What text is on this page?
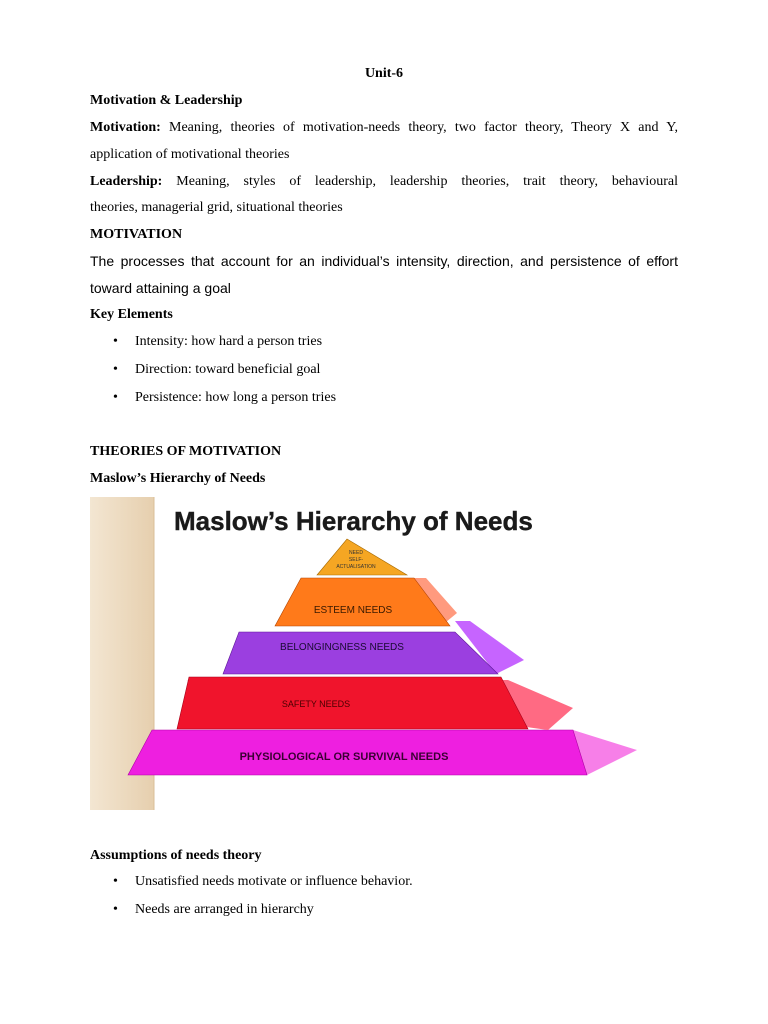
Unit-6
Motivation & Leadership
Motivation: Meaning, theories of motivation-needs theory, two factor theory, Theory X and Y,
application of motivational theories
Leadership: Meaning, styles of leadership, leadership theories, trait theory, behavioural
theories, managerial grid, situational theories
MOTIVATION
The processes that account for an individual’s intensity, direction, and persistence of effort
toward attaining a goal
Key Elements
• Intensity: how hard a person tries
• Direction: toward beneficial goal
• Persistence: how long a person tries
THEORIES OF MOTIVATION
Maslow’s Hierarchy of Needs
Maslow’s Hierarchy of Needs
NEED
SELF-
ACTUALISATION
ESTEEM NEEDS
BELONGINGNESS NEEDS
SAFETY NEEDS
PHYSIOLOGICAL OR SURVIVAL NEEDS
Assumptions of needs theory
• Unsatisfied needs motivate or influence behavior.
• Needs are arranged in hierarchy
